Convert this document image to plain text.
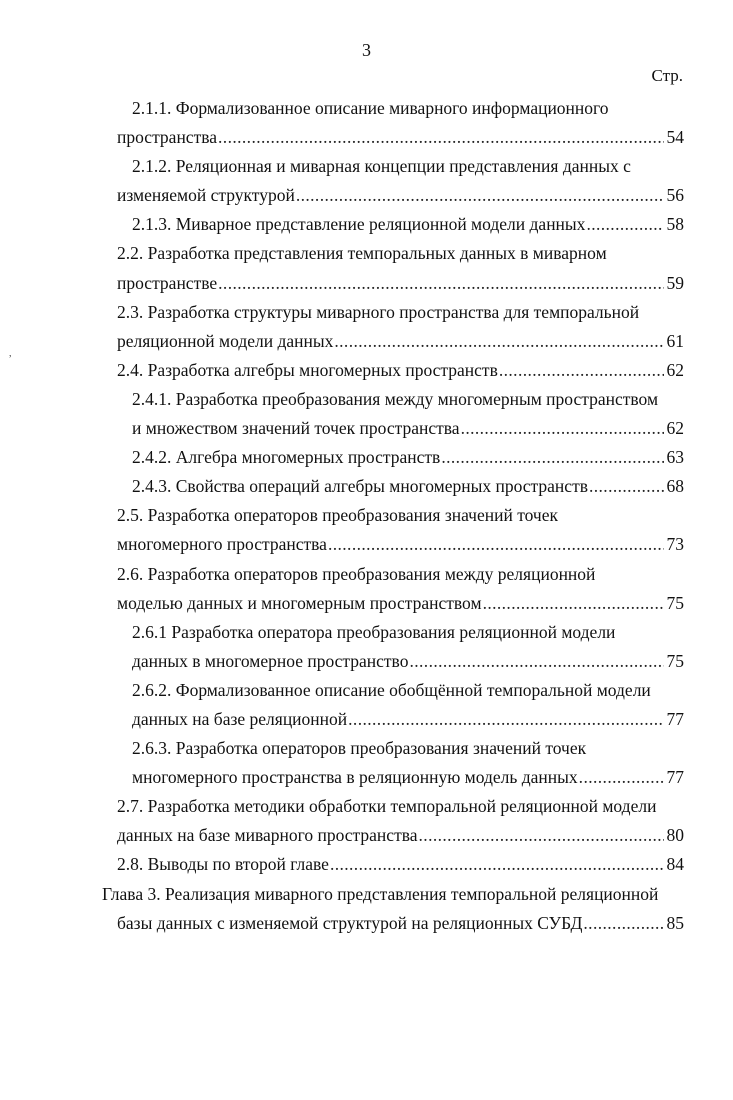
3
Стр.
,
2.1.1. Формализованное описание миварного информационного
пространства .....	54
2.1.2. Реляционная и миварная концепции представления данных с
изменяемой структурой .....	56
2.1.3. Миварное представление реляционной модели данных .....	58
2.2. Разработка представления темпоральных данных в миварном
пространстве .....	59
2.3. Разработка структуры миварного пространства для темпоральной
реляционной модели данных .....	61
2.4. Разработка алгебры многомерных пространств .....	62
2.4.1. Разработка преобразования между многомерным пространством
и множеством значений точек пространства .....	62
2.4.2. Алгебра многомерных пространств .....	63
2.4.3. Свойства операций алгебры многомерных пространств .....	68
2.5. Разработка операторов преобразования значений точек
многомерного пространства .....	73
2.6. Разработка операторов преобразования между реляционной
моделью данных и многомерным пространством .....	75
2.6.1 Разработка оператора преобразования реляционной модели
данных в многомерное пространство .....	75
2.6.2. Формализованное описание обобщённой темпоральной модели
данных на базе реляционной .....	77
2.6.3. Разработка операторов преобразования значений точек
многомерного пространства в реляционную модель данных .....	77
2.7. Разработка методики обработки темпоральной реляционной модели
данных на базе миварного пространства .....	80
2.8. Выводы по второй главе .....	84
Глава 3. Реализация миварного представления темпоральной реляционной
базы данных с изменяемой структурой на реляционных СУБД .....	85
